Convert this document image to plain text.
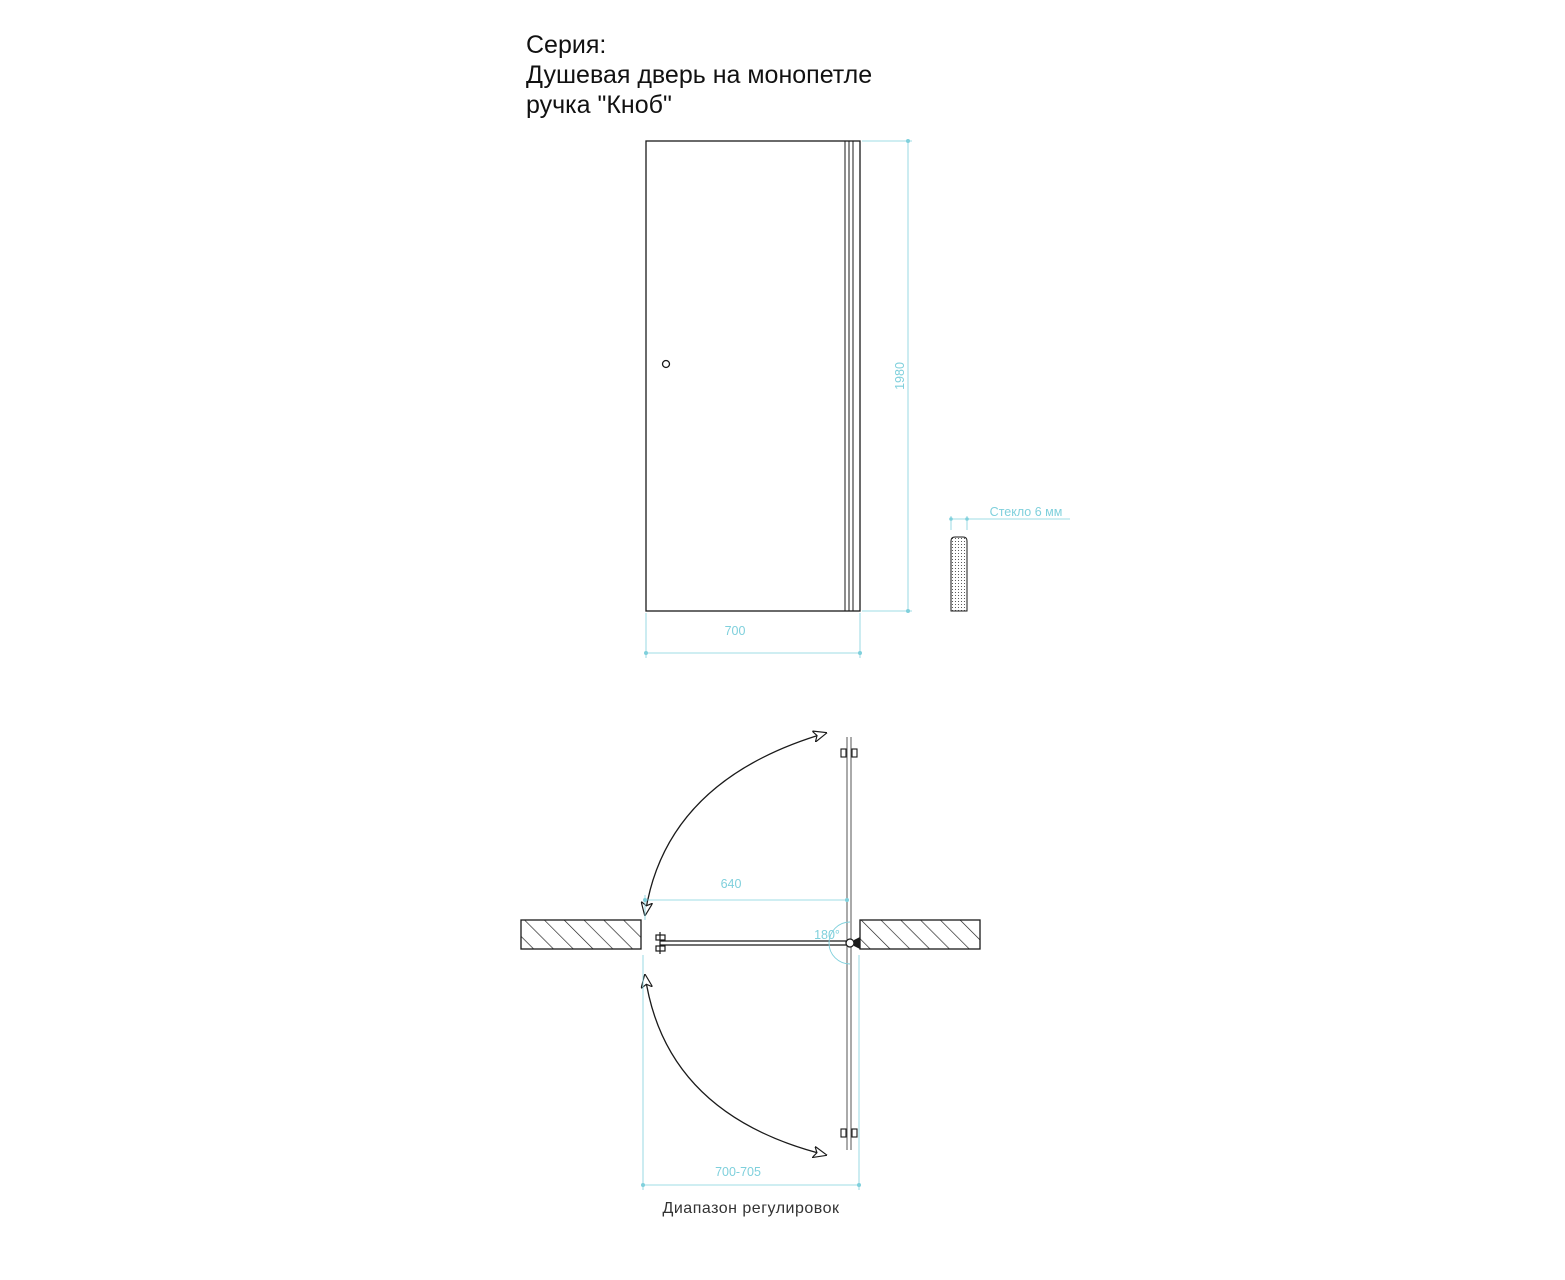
Серия:
Душевая дверь на монопетле
ручка "Кноб"
1980
700
Стекло 6 мм
180°
640
700-705
Диапазон регулировок
